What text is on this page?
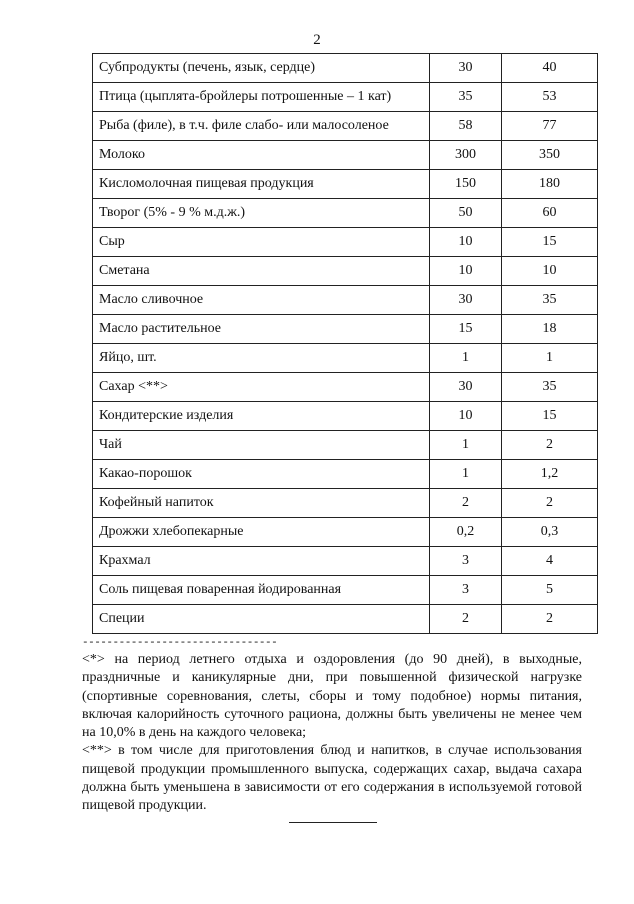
2
Субпродукты (печень, язык, сердце)	30	40
Птица (цыплята-бройлеры потрошенные – 1 кат)	35	53
Рыба (филе), в т.ч. филе слабо- или малосоленое	58	77
Молоко	300	350
Кисломолочная пищевая продукция	150	180
Творог (5% - 9 % м.д.ж.)	50	60
Сыр	10	15
Сметана	10	10
Масло сливочное	30	35
Масло растительное	15	18
Яйцо, шт.	1	1
Сахар <**>	30	35
Кондитерские изделия	10	15
Чай	1	2
Какао-порошок	1	1,2
Кофейный напиток	2	2
Дрожжи хлебопекарные	0,2	0,3
Крахмал	3	4
Соль пищевая поваренная йодированная	3	5
Специи	2	2
--------------------------------

<*> на период летнего отдыха и оздоровления (до 90 дней), в выходные, праздничные и каникулярные дни, при повышенной физической нагрузке (спортивные соревнования, слеты, сборы и тому подобное) нормы питания, включая калорийность суточного рациона, должны быть увеличены не менее чем на 10,0% в день на каждого человека;

<**> в том числе для приготовления блюд и напитков, в случае использования пищевой продукции промышленного выпуска, содержащих сахар, выдача сахара должна быть уменьшена в зависимости от его содержания в используемой готовой пищевой продукции.
